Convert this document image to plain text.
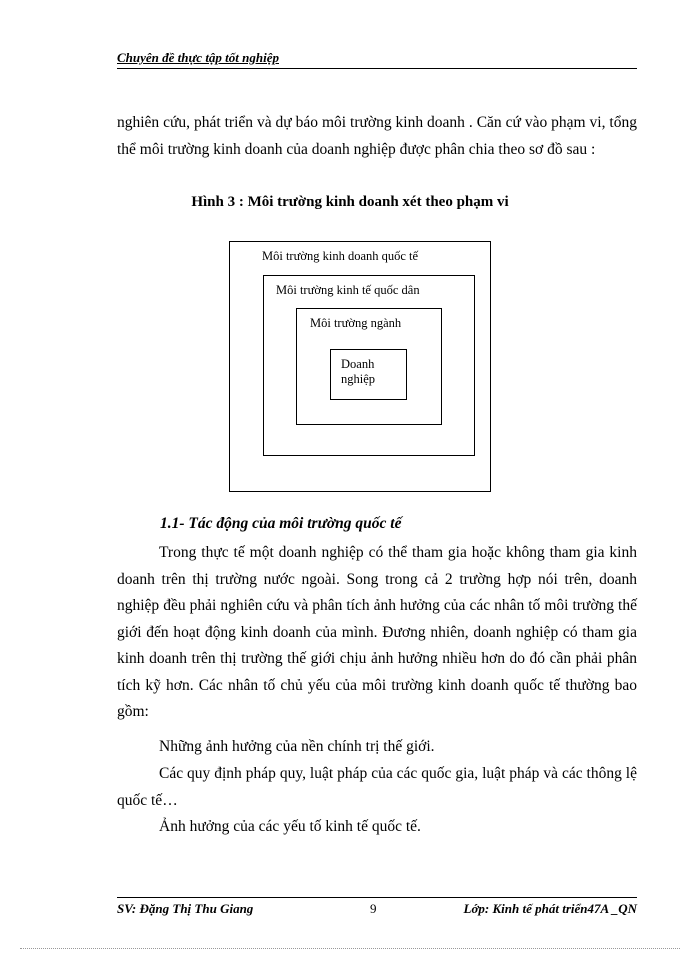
Chuyên đề thực tập tốt nghiệp

nghiên cứu, phát triển và dự báo môi trường kinh doanh . Căn cứ vào phạm vi, tổng thể môi trường kinh doanh của doanh nghiệp được phân chia theo sơ đồ sau :

Hình 3 : Môi trường kinh doanh xét theo phạm vi
Môi trường kinh doanh quốc tế
Môi trường kinh tế quốc dân
Môi trường ngành
Doanh nghiệp
1.1- Tác động của môi trường quốc tế

Trong thực tế một doanh nghiệp có thể tham gia hoặc không tham gia kinh doanh trên thị trường nước ngoài. Song trong cả 2 trường hợp nói trên, doanh nghiệp đều phải nghiên cứu và phân tích ảnh hưởng của các nhân tố môi trường thế giới đến hoạt động kinh doanh của mình. Đương nhiên, doanh nghiệp có tham gia kinh doanh trên thị trường thế giới chịu ảnh hưởng nhiều hơn do đó cần phải phân tích kỹ hơn. Các nhân tố chủ yếu của môi trường kinh doanh quốc tế thường bao gồm:

Những ảnh hưởng của nền chính trị thế giới.

Các quy định pháp quy, luật pháp của các quốc gia, luật pháp và các thông lệ quốc tế…

Ảnh hưởng của các yếu tố kinh tế quốc tế.

SV: Đặng Thị Thu Giang	9	Lớp: Kinh tế phát triển47A _QN
